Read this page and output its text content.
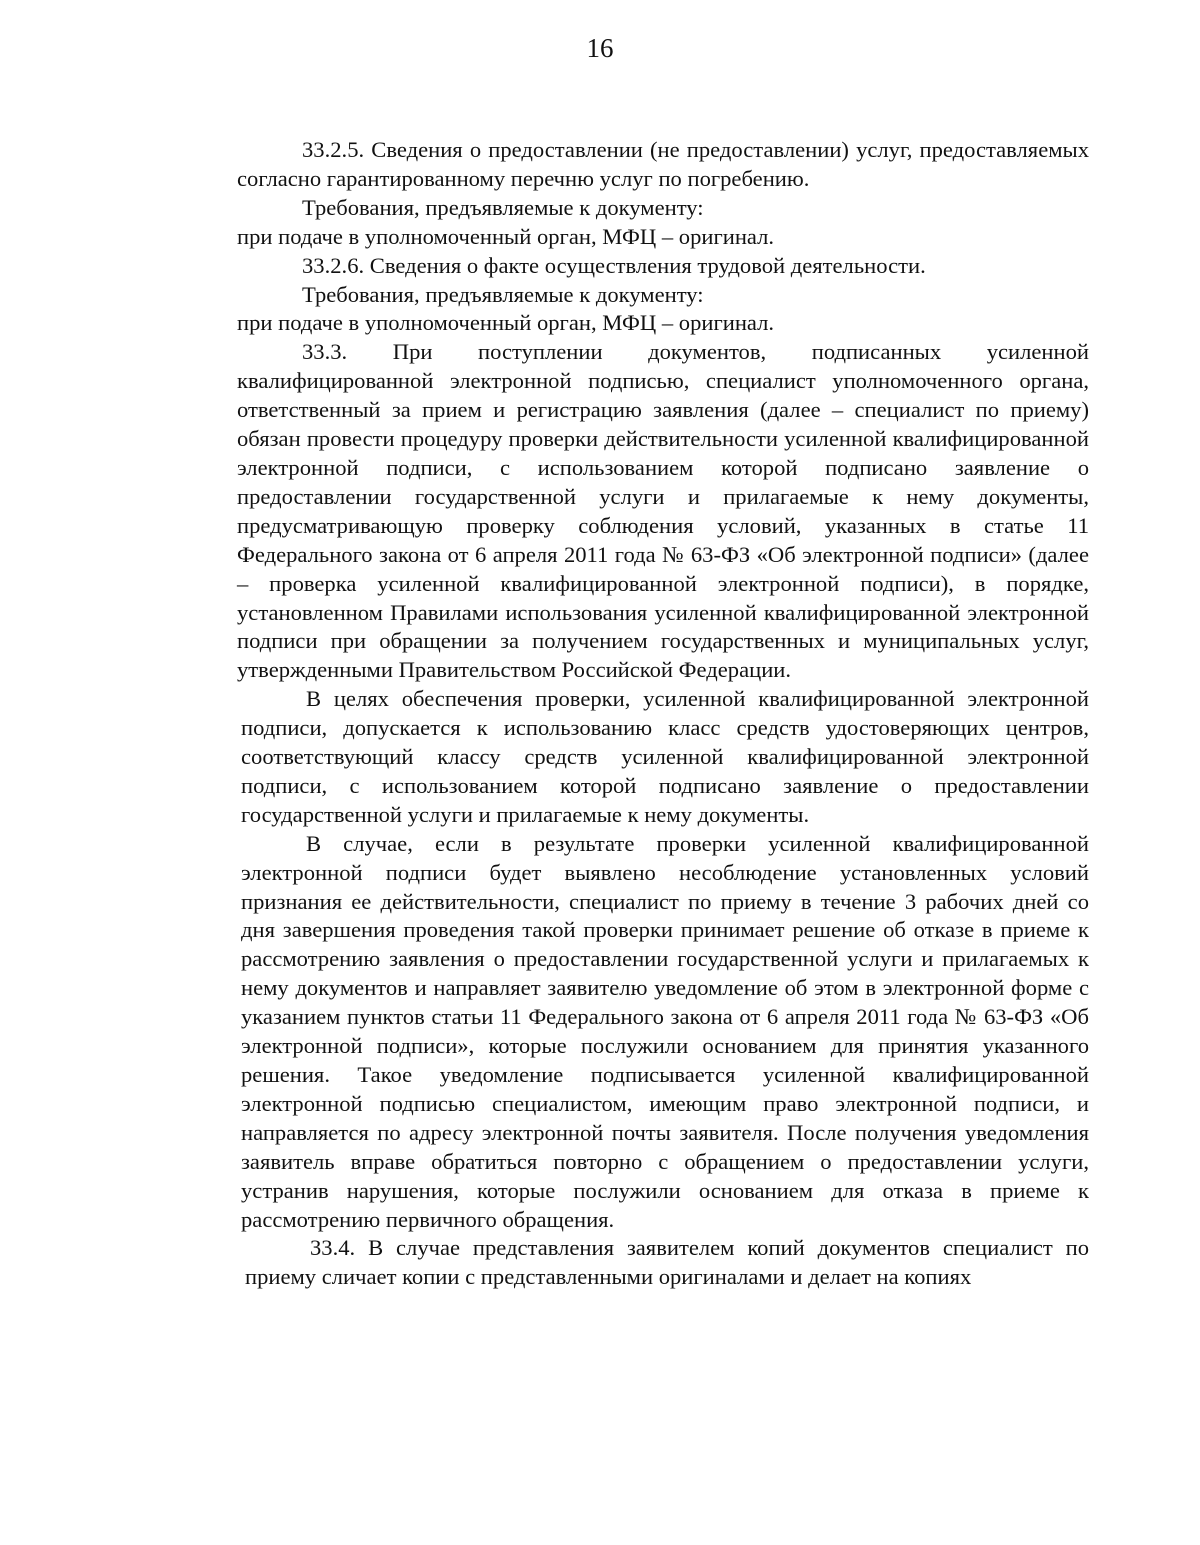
16

33.2.5. Сведения о предоставлении (не предоставлении) услуг, предоставляемых согласно гарантированному перечню услуг по погребению.

Требования, предъявляемые к документу:

при подаче в уполномоченный орган, МФЦ – оригинал.

33.2.6. Сведения о факте осуществления трудовой деятельности.

Требования, предъявляемые к документу:

при подаче в уполномоченный орган, МФЦ – оригинал.

33.3. При поступлении документов, подписанных усиленной квалифицированной электронной подписью, специалист уполномоченного органа, ответственный за прием и регистрацию заявления (далее – специалист по приему) обязан провести процедуру проверки действительности усиленной квалифицированной электронной подписи, с использованием которой подписано заявление о предоставлении государственной услуги и прилагаемые к нему документы, предусматривающую проверку соблюдения условий, указанных в статье 11 Федерального закона от 6 апреля 2011 года № 63-ФЗ «Об электронной подписи» (далее – проверка усиленной квалифицированной электронной подписи), в порядке, установленном Правилами использования усиленной квалифицированной электронной подписи при обращении за получением государственных и муниципальных услуг, утвержденными Правительством Российской Федерации.

В целях обеспечения проверки, усиленной квалифицированной электронной подписи, допускается к использованию класс средств удостоверяющих центров, соответствующий классу средств усиленной квалифицированной электронной подписи, с использованием которой подписано заявление о предоставлении государственной услуги и прилагаемые к нему документы.

В случае, если в результате проверки усиленной квалифицированной электронной подписи будет выявлено несоблюдение установленных условий признания ее действительности, специалист по приему в течение 3 рабочих дней со дня завершения проведения такой проверки принимает решение об отказе в приеме к рассмотрению заявления о предоставлении государственной услуги и прилагаемых к нему документов и направляет заявителю уведомление об этом в электронной форме с указанием пунктов статьи 11 Федерального закона от 6 апреля 2011 года № 63-ФЗ «Об электронной подписи», которые послужили основанием для принятия указанного решения. Такое уведомление подписывается усиленной квалифицированной электронной подписью специалистом, имеющим право электронной подписи, и направляется по адресу электронной почты заявителя. После получения уведомления заявитель вправе обратиться повторно с обращением о предоставлении услуги, устранив нарушения, которые послужили основанием для отказа в приеме к рассмотрению первичного обращения.

33.4. В случае представления заявителем копий документов специалист по приему сличает копии с представленными оригиналами и делает на копиях
